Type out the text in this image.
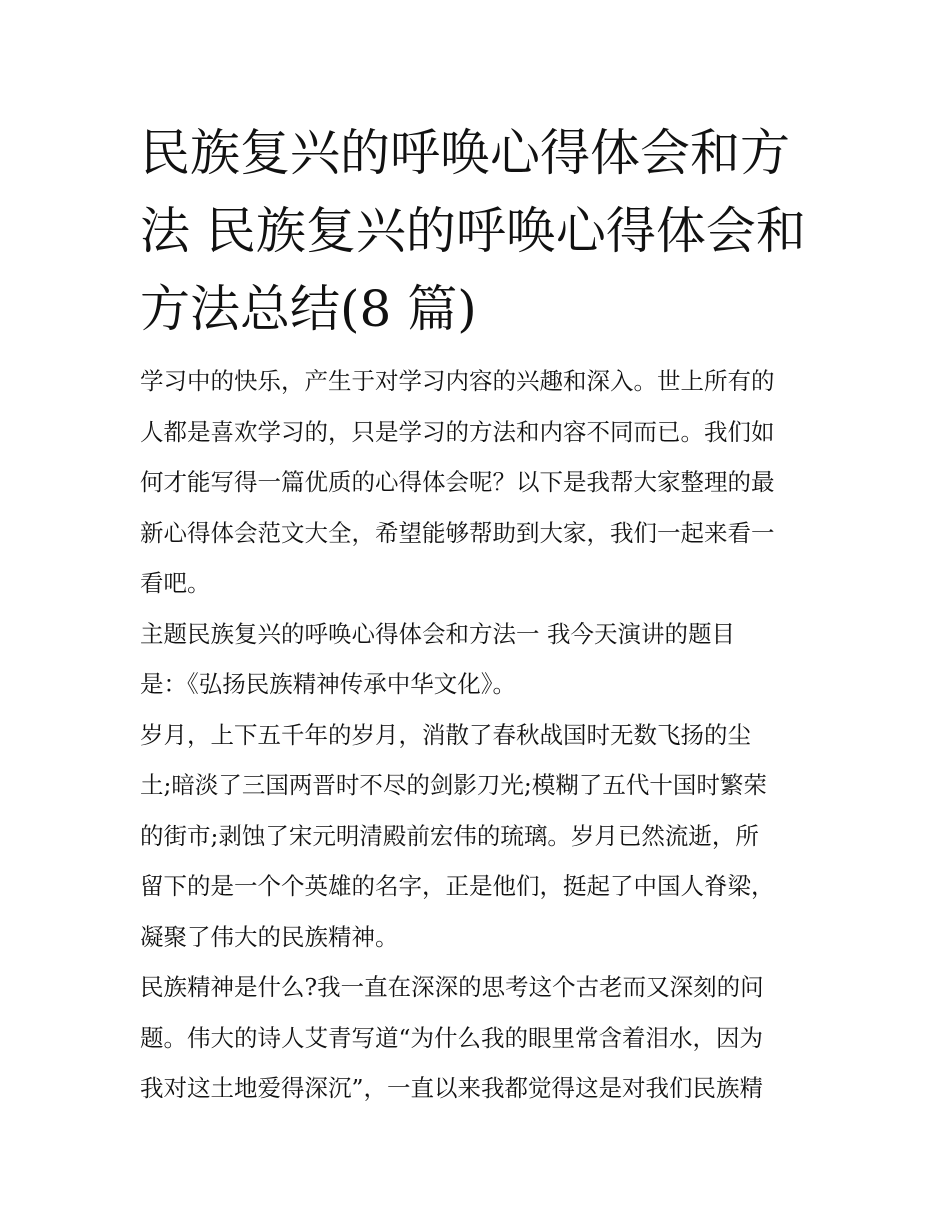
民族复兴的呼唤心得体会和方
法 民族复兴的呼唤心得体会和
方法总结(8 篇)

学习中的快乐，产生于对学习内容的兴趣和深入。世上所有的
人都是喜欢学习的，只是学习的方法和内容不同而已。我们如
何才能写得一篇优质的心得体会呢？以下是我帮大家整理的最
新心得体会范文大全，希望能够帮助到大家，我们一起来看一
看吧。

主题民族复兴的呼唤心得体会和方法一 我今天演讲的题目
是：《弘扬民族精神传承中华文化》。

岁月，上下五千年的岁月，消散了春秋战国时无数飞扬的尘
土;暗淡了三国两晋时不尽的剑影刀光;模糊了五代十国时繁荣
的街市;剥蚀了宋元明清殿前宏伟的琉璃。岁月已然流逝，所
留下的是一个个英雄的名字，正是他们，挺起了中国人脊梁，
凝聚了伟大的民族精神。

民族精神是什么?我一直在深深的思考这个古老而又深刻的问
题。伟大的诗人艾青写道“为什么我的眼里常含着泪水，因为
我对这土地爱得深沉”，一直以来我都觉得这是对我们民族精
